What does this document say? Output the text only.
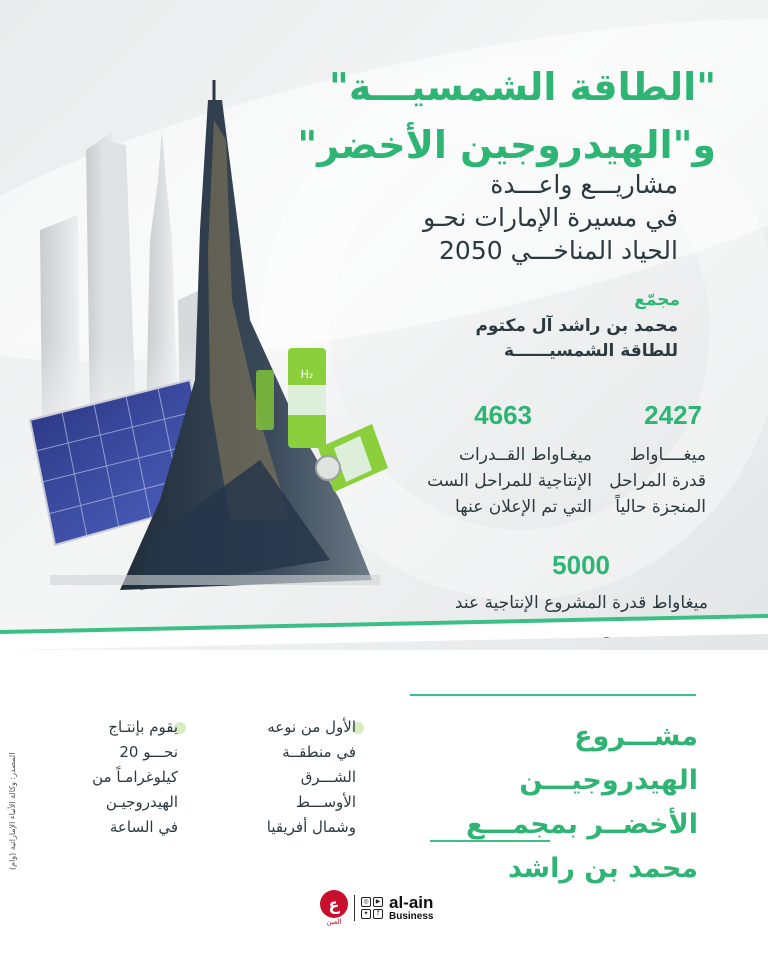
H₂
"الطاقة الشمسيـــة"
و"الهيدروجين الأخضر"
مشاريـــع واعـــدة
في مسيرة الإمارات نحـو
الحياد المناخـــي 2050
مجمّع
محمد بن راشد آل مكتوم
للطاقة الشمسيــــــة
2427
ميغــــاواط
قدرة المراحل
المنجزة حالياً
4663
ميغـاواط القــدرات
الإنتاجية للمراحل الست
التي تم الإعلان عنها
5000
ميغاواط قدرة المشروع الإنتاجية عند
مشـــروع الهيدروجيـــن
الأخضــر بمجمـــع
محمد بن راشد
الأول من نوعه
في منطقــة
الشـــرق
الأوســـط
وشمال أفريقيا
يقوم بإنتـاج
نحـــو 20
كيلوغرامـاً من
الهيدروجيـن
في الساعة
المصدر: وكالة الأنباء الإماراتية (وام)
ع
العين
◎	▶
✦	f
al-ain
Business
